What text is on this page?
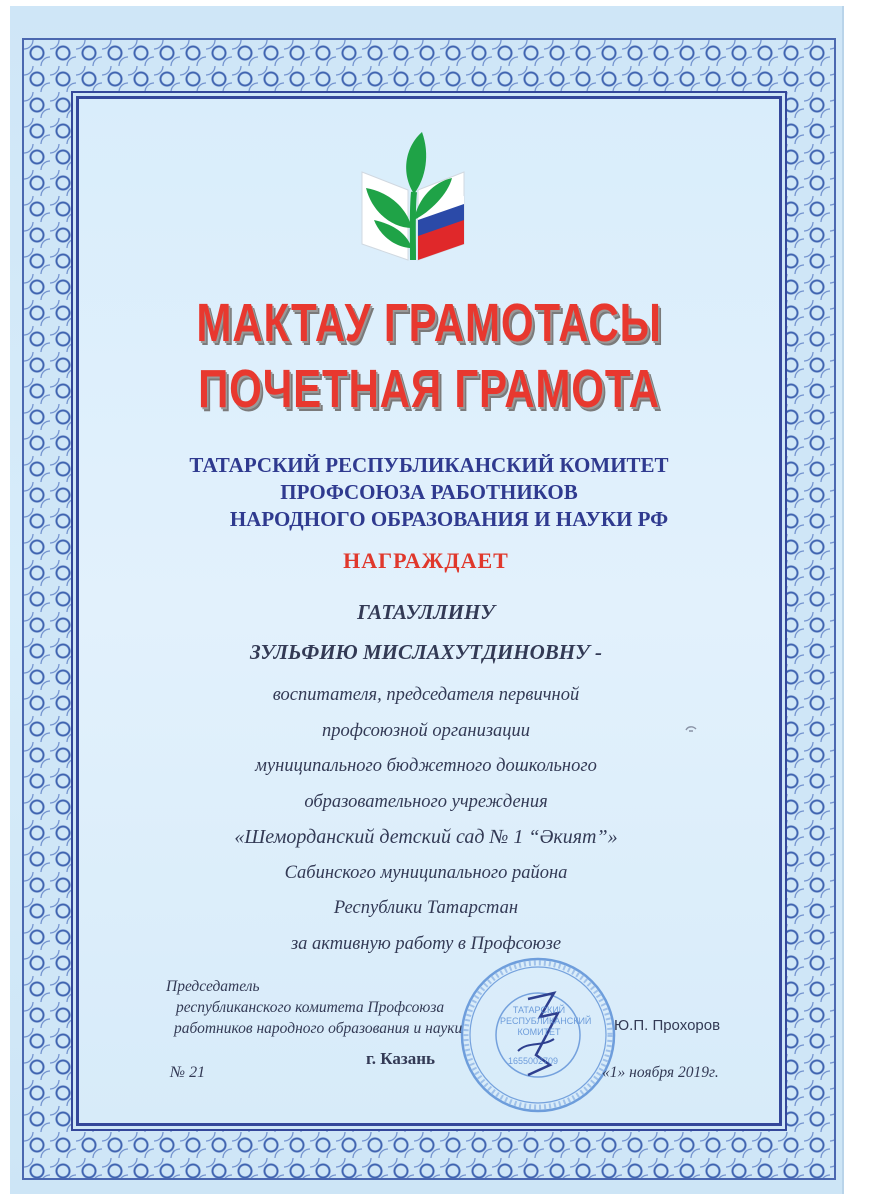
МАКТАУ ГРАМОТАСЫ
ПОЧЕТНАЯ ГРАМОТА
ТАТАРСКИЙ РЕСПУБЛИКАНСКИЙ КОМИТЕТ
ПРОФСОЮЗА РАБОТНИКОВ
НАРОДНОГО ОБРАЗОВАНИЯ И НАУКИ РФ
НАГРАЖДАЕТ
ГАТАУЛЛИНУ
ЗУЛЬФИЮ МИСЛАХУТДИНОВНУ -
воспитателя, председателя первичной
профсоюзной организации
муниципального бюджетного дошкольного
образовательного учреждения
«Шеморданский детский сад № 1 “Әкият”»
Сабинского муниципального района
Республики Татарстан
за активную работу в Профсоюзе
ТАТАРСКИЙ РЕСПУБЛИКАНСКИЙ КОМИТЕТ
1655002709
Председатель
республиканского комитета Профсоюза
работников народного образования и науки	Ю.П. Прохоров
г. Казань
№ 21	«1» ноября 2019г.
